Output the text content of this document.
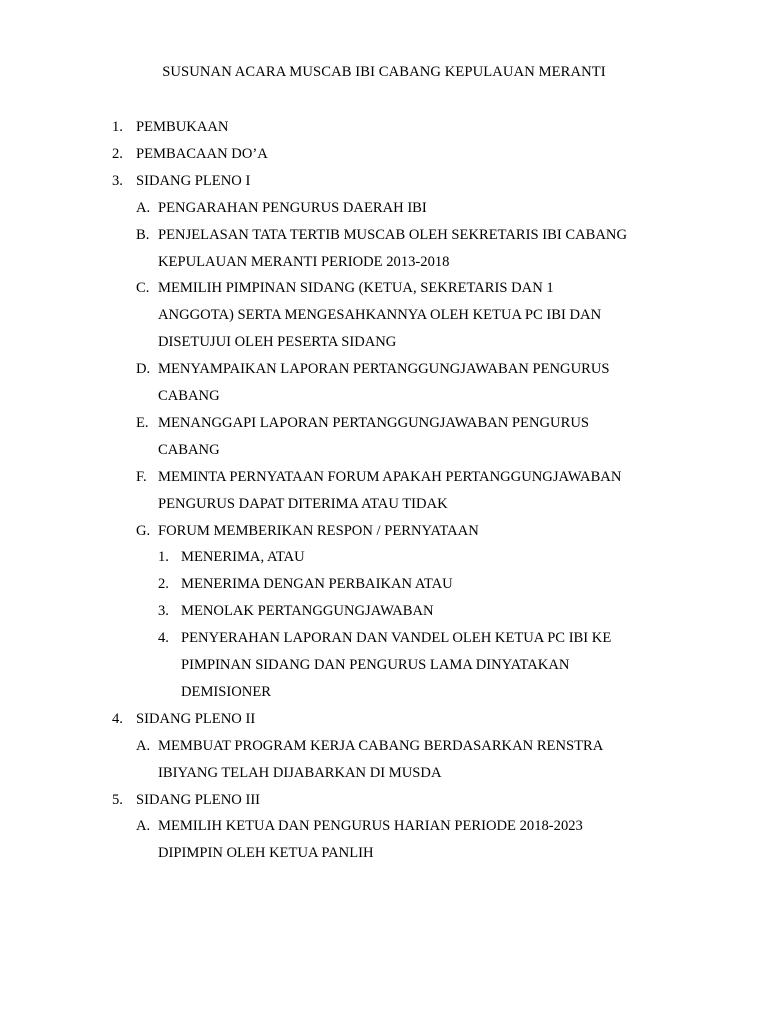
SUSUNAN ACARA MUSCAB IBI CABANG KEPULAUAN MERANTI
1. PEMBUKAAN
2. PEMBACAAN DO’A
3. SIDANG PLENO I
A. PENGARAHAN PENGURUS DAERAH IBI
B. PENJELASAN TATA TERTIB MUSCAB OLEH SEKRETARIS IBI CABANG
KEPULAUAN MERANTI PERIODE 2013-2018
C. MEMILIH PIMPINAN SIDANG (KETUA, SEKRETARIS DAN 1
ANGGOTA) SERTA MENGESAHKANNYA OLEH KETUA PC IBI DAN
DISETUJUI OLEH PESERTA SIDANG
D. MENYAMPAIKAN LAPORAN PERTANGGUNGJAWABAN PENGURUS
CABANG
E. MENANGGAPI LAPORAN PERTANGGUNGJAWABAN PENGURUS
CABANG
F. MEMINTA PERNYATAAN FORUM APAKAH PERTANGGUNGJAWABAN
PENGURUS DAPAT DITERIMA ATAU TIDAK
G. FORUM MEMBERIKAN RESPON / PERNYATAAN
1. MENERIMA, ATAU
2. MENERIMA DENGAN PERBAIKAN ATAU
3. MENOLAK PERTANGGUNGJAWABAN
4. PENYERAHAN LAPORAN DAN VANDEL OLEH KETUA PC IBI KE
PIMPINAN SIDANG DAN PENGURUS LAMA DINYATAKAN
DEMISIONER
4. SIDANG PLENO II
A. MEMBUAT PROGRAM KERJA CABANG BERDASARKAN RENSTRA
IBIYANG TELAH DIJABARKAN DI MUSDA
5. SIDANG PLENO III
A. MEMILIH KETUA DAN PENGURUS HARIAN PERIODE 2018-2023
DIPIMPIN OLEH KETUA PANLIH
